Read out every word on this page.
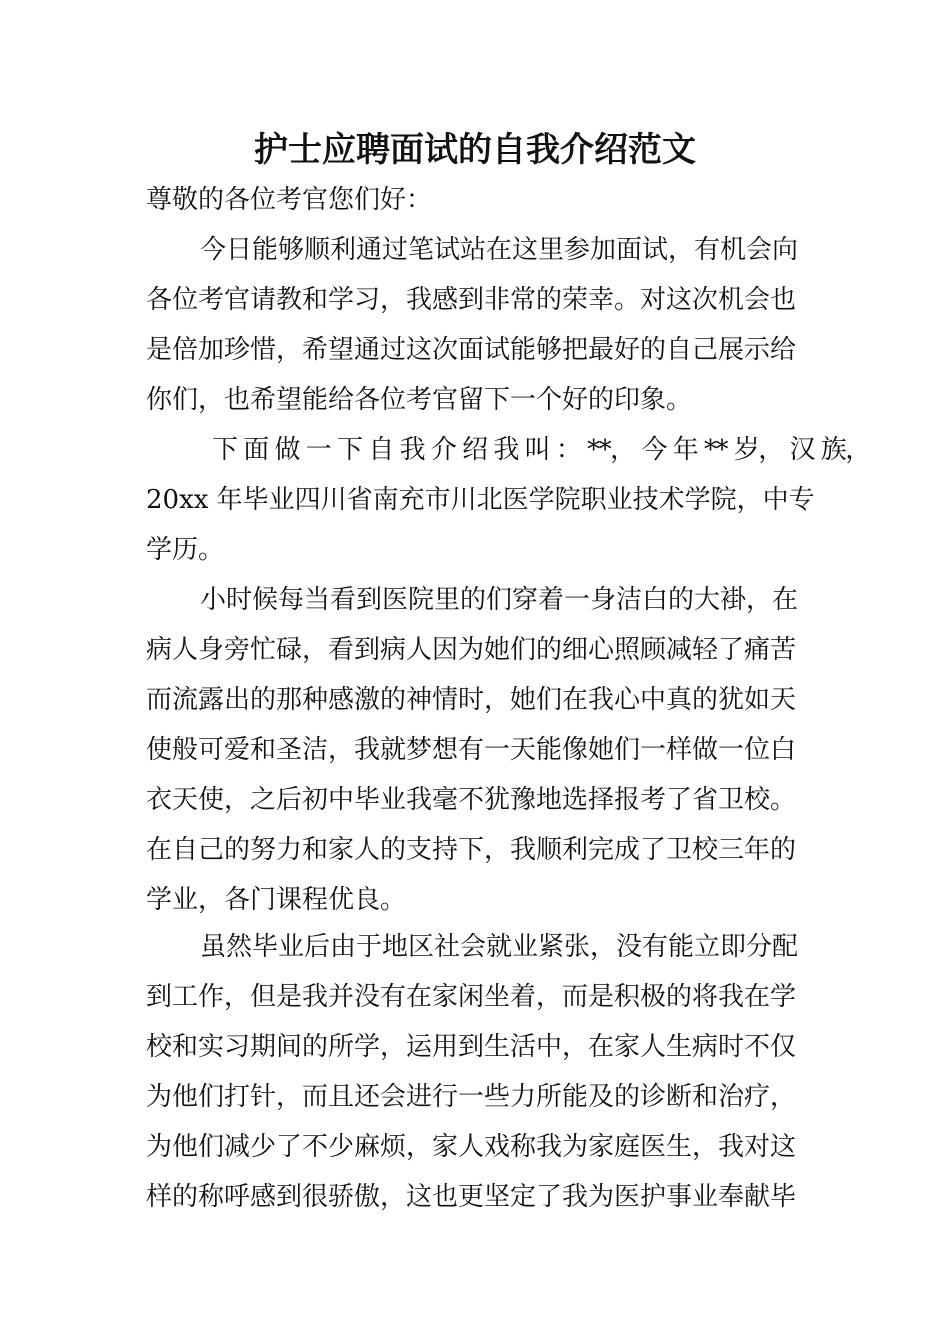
护士应聘面试的自我介绍范文
尊敬的各位考官您们好：
今日能够顺利通过笔试站在这里参加面试，有机会向
各位考官请教和学习，我感到非常的荣幸。对这次机会也
是倍加珍惜，希望通过这次面试能够把最好的自己展示给
你们，也希望能给各位考官留下一个好的印象。
下 面 做 一 下 自 我 介 绍 我 叫 ： **， 今 年 ** 岁， 汉 族，
20xx 年毕业四川省南充市川北医学院职业技术学院，中专
学历。
小时候每当看到医院里的们穿着一身洁白的大褂，在
病人身旁忙碌，看到病人因为她们的细心照顾减轻了痛苦
而流露出的那种感激的神情时，她们在我心中真的犹如天
使般可爱和圣洁，我就梦想有一天能像她们一样做一位白
衣天使，之后初中毕业我毫不犹豫地选择报考了省卫校。
在自己的努力和家人的支持下，我顺利完成了卫校三年的
学业，各门课程优良。
虽然毕业后由于地区社会就业紧张，没有能立即分配
到工作，但是我并没有在家闲坐着，而是积极的将我在学
校和实习期间的所学，运用到生活中，在家人生病时不仅
为他们打针，而且还会进行一些力所能及的诊断和治疗，
为他们减少了不少麻烦，家人戏称我为家庭医生，我对这
样的称呼感到很骄傲，这也更坚定了我为医护事业奉献毕
